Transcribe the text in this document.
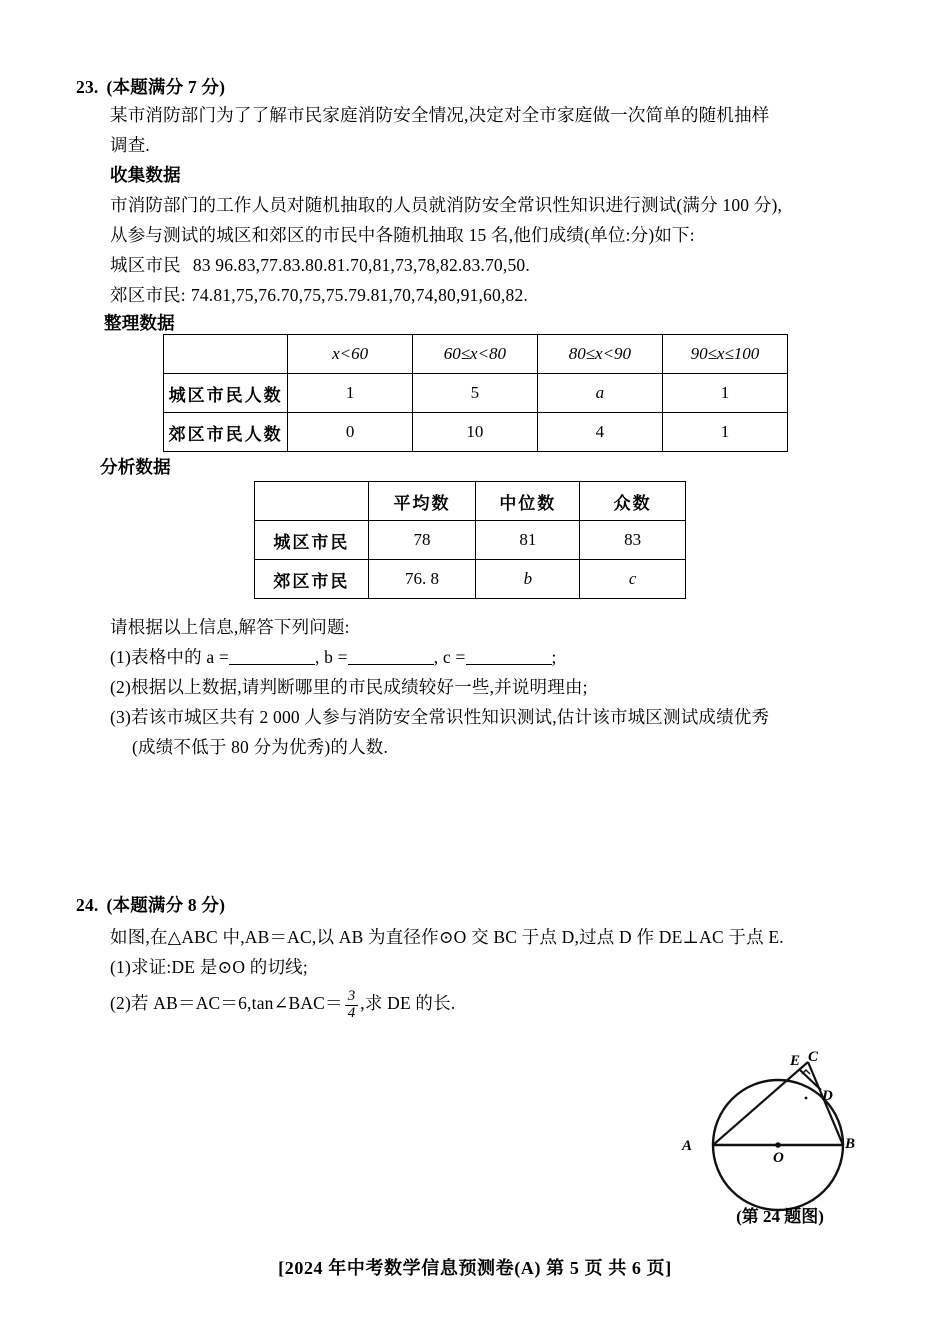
23. (本题满分 7 分)
某市消防部门为了了解市民家庭消防安全情况,决定对全市家庭做一次简单的随机抽样
调查.
收集数据
市消防部门的工作人员对随机抽取的人员就消防安全常识性知识进行测试(满分 100 分),
从参与测试的城区和郊区的市民中各随机抽取 15 名,他们成绩(单位:分)如下:
城区市民 83 96.83,77.83.80.81.70,81,73,78,82.83.70,50.
郊区市民: 74.81,75,76.70,75,75.79.81,70,74,80,91,60,82.
整理数据
	x<60	60≤x<80	80≤x<90	90≤x≤100
城区市民人数	1	5	a	1
郊区市民人数	0	10	4	1
分析数据
	平均数	中位数	众数
城区市民	78	81	83
郊区市民	76. 8	b	c
请根据以上信息,解答下列问题:
(1)表格中的 a =	, b =	, c =	;
(2)根据以上数据,请判断哪里的市民成绩较好一些,并说明理由;
(3)若该市城区共有 2 000 人参与消防安全常识性知识测试,估计该市城区测试成绩优秀
(成绩不低于 80 分为优秀)的人数.
24. (本题满分 8 分)
如图,在△ABC 中,AB＝AC,以 AB 为直径作⊙O 交 BC 于点 D,过点 D 作 DE⊥AC 于点 E.
(1)求证:DE 是⊙O 的切线;
(2)若 AB＝AC＝6,tan∠BAC＝ $\frac{3}{4}$ ,求 DE 的长.
A	B
C
D
E
O
(第 24 题图)
[2024 年中考数学信息预测卷(A) 第 5 页 共 6 页]
